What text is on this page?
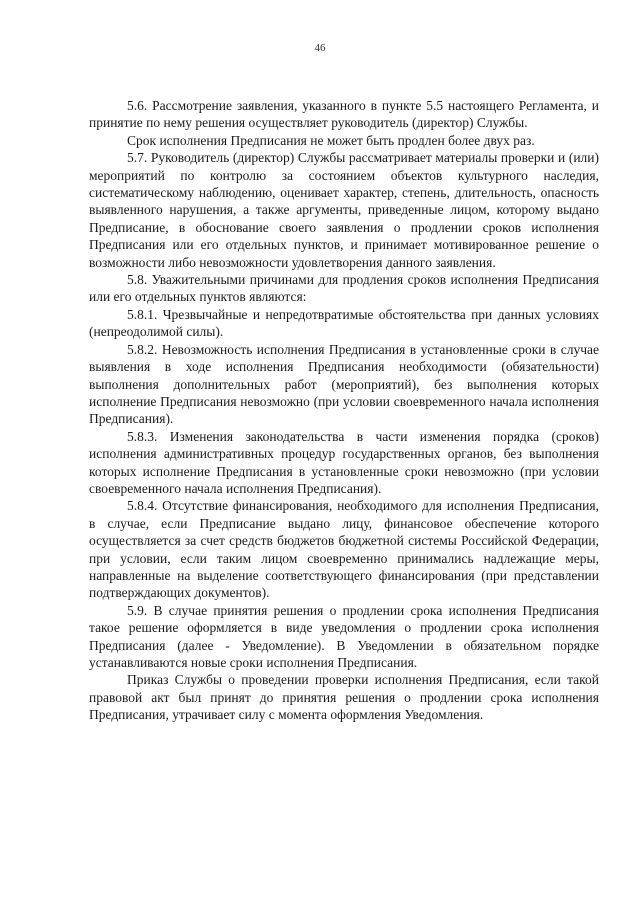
46

5.6. Рассмотрение заявления, указанного в пункте 5.5 настоящего Регламента, и принятие по нему решения осуществляет руководитель (директор) Службы.

Срок исполнения Предписания не может быть продлен более двух раз.

5.7. Руководитель (директор) Службы рассматривает материалы проверки и (или) мероприятий по контролю за состоянием объектов культурного наследия, систематическому наблюдению, оценивает характер, степень, длительность, опасность выявленного нарушения, а также аргументы, приведенные лицом, которому выдано Предписание, в обоснование своего заявления о продлении сроков исполнения Предписания или его отдельных пунктов, и принимает мотивированное решение о возможности либо невозможности удовлетворения данного заявления.

5.8. Уважительными причинами для продления сроков исполнения Предписания или его отдельных пунктов являются:

5.8.1. Чрезвычайные и непредотвратимые обстоятельства при данных условиях (непреодолимой силы).

5.8.2. Невозможность исполнения Предписания в установленные сроки в случае выявления в ходе исполнения Предписания необходимости (обязательности) выполнения дополнительных работ (мероприятий), без выполнения которых исполнение Предписания невозможно (при условии своевременного начала исполнения Предписания).

5.8.3. Изменения законодательства в части изменения порядка (сроков) исполнения административных процедур государственных органов, без выполнения которых исполнение Предписания в установленные сроки невозможно (при условии своевременного начала исполнения Предписания).

5.8.4. Отсутствие финансирования, необходимого для исполнения Предписания, в случае, если Предписание выдано лицу, финансовое обеспечение которого осуществляется за счет средств бюджетов бюджетной системы Российской Федерации, при условии, если таким лицом своевременно принимались надлежащие меры, направленные на выделение соответствующего финансирования (при представлении подтверждающих документов).

5.9. В случае принятия решения о продлении срока исполнения Предписания такое решение оформляется в виде уведомления о продлении срока исполнения Предписания (далее - Уведомление). В Уведомлении в обязательном порядке устанавливаются новые сроки исполнения Предписания.

Приказ Службы о проведении проверки исполнения Предписания, если такой правовой акт был принят до принятия решения о продлении срока исполнения Предписания, утрачивает силу с момента оформления Уведомления.
